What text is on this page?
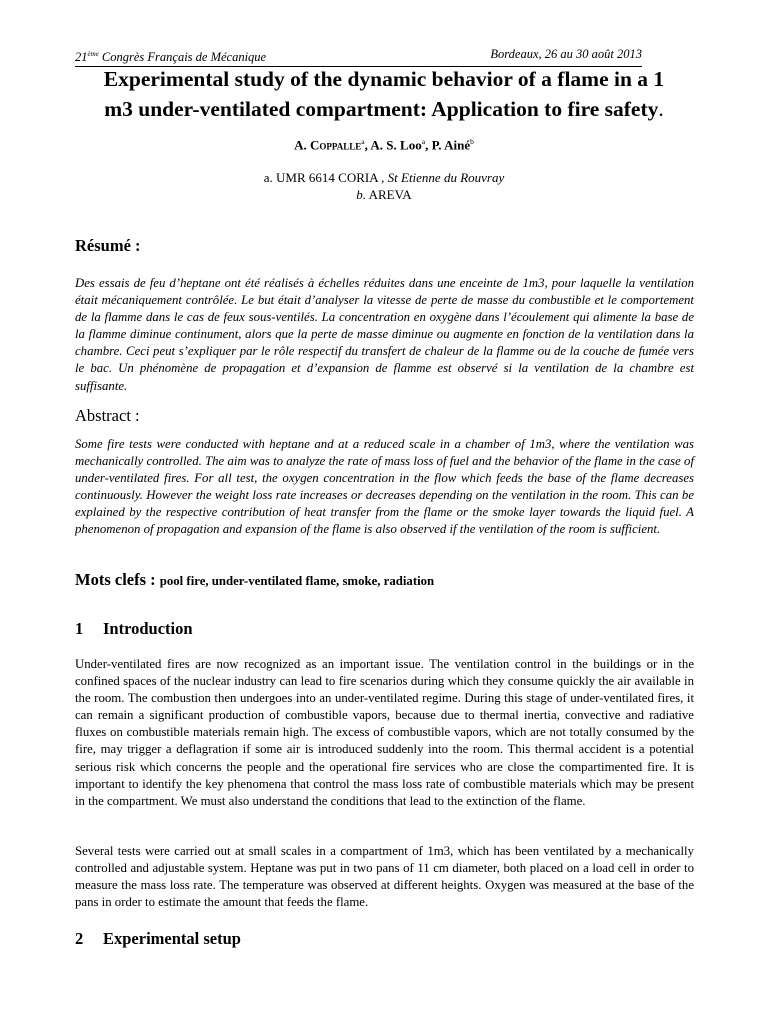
21ème Congrès Français de Mécanique	Bordeaux, 26 au 30 août 2013
Experimental study of the dynamic behavior of a flame in a 1
m3 under-ventilated compartment: Application to fire safety.
A. Coppalle$^a$, A. S. Loo$^a$, P. Ainé$^b$
a. UMR 6614 CORIA , St Etienne du Rouvray
b. AREVA
Résumé :

Des essais de feu d’heptane ont été réalisés à échelles réduites dans une enceinte de 1m3, pour laquelle la ventilation était mécaniquement contrôlée. Le but était d’analyser la vitesse de perte de masse du combustible et le comportement de la flamme dans le cas de feux sous-ventilés. La concentration en oxygène dans l’écoulement qui alimente la base de la flamme diminue continument, alors que la perte de masse diminue ou augmente en fonction de la ventilation dans la chambre. Ceci peut s’expliquer par le rôle respectif du transfert de chaleur de la flamme ou de la couche de fumée vers le bac. Un phénomène de propagation et d’expansion de flamme est observé si la ventilation de la chambre est suffisante.

Abstract :

Some fire tests were conducted with heptane and at a reduced scale in a chamber of 1m3, where the ventilation was mechanically controlled. The aim was to analyze the rate of mass loss of fuel and the behavior of the flame in the case of under-ventilated fires. For all test, the oxygen concentration in the flow which feeds the base of the flame decreases continuously. However the weight loss rate increases or decreases depending on the ventilation in the room. This can be explained by the respective contribution of heat transfer from the flame or the smoke layer towards the liquid fuel. A phenomenon of propagation and expansion of the flame is also observed if the ventilation of the room is sufficient.

Mots clefs : pool fire, under-ventilated flame, smoke, radiation

1 Introduction

Under-ventilated fires are now recognized as an important issue. The ventilation control in the buildings or in the confined spaces of the nuclear industry can lead to fire scenarios during which they consume quickly the air available in the room. The combustion then undergoes into an under-ventilated regime. During this stage of under-ventilated fires, it can remain a significant production of combustible vapors, because due to thermal inertia, convective and radiative fluxes on combustible materials remain high. The excess of combustible vapors, which are not totally consumed by the fire, may trigger a deflagration if some air is introduced suddenly into the room. This thermal accident is a potential serious risk which concerns the people and the operational fire services who are close the compartimented fire. It is important to identify the key phenomena that control the mass loss rate of combustible materials which may be present in the compartment. We must also understand the conditions that lead to the extinction of the flame.

Several tests were carried out at small scales in a compartment of 1m3, which has been ventilated by a mechanically controlled and adjustable system. Heptane was put in two pans of 11 cm diameter, both placed on a load cell in order to measure the mass loss rate. The temperature was observed at different heights. Oxygen was measured at the base of the pans in order to estimate the amount that feeds the flame.

2 Experimental setup
